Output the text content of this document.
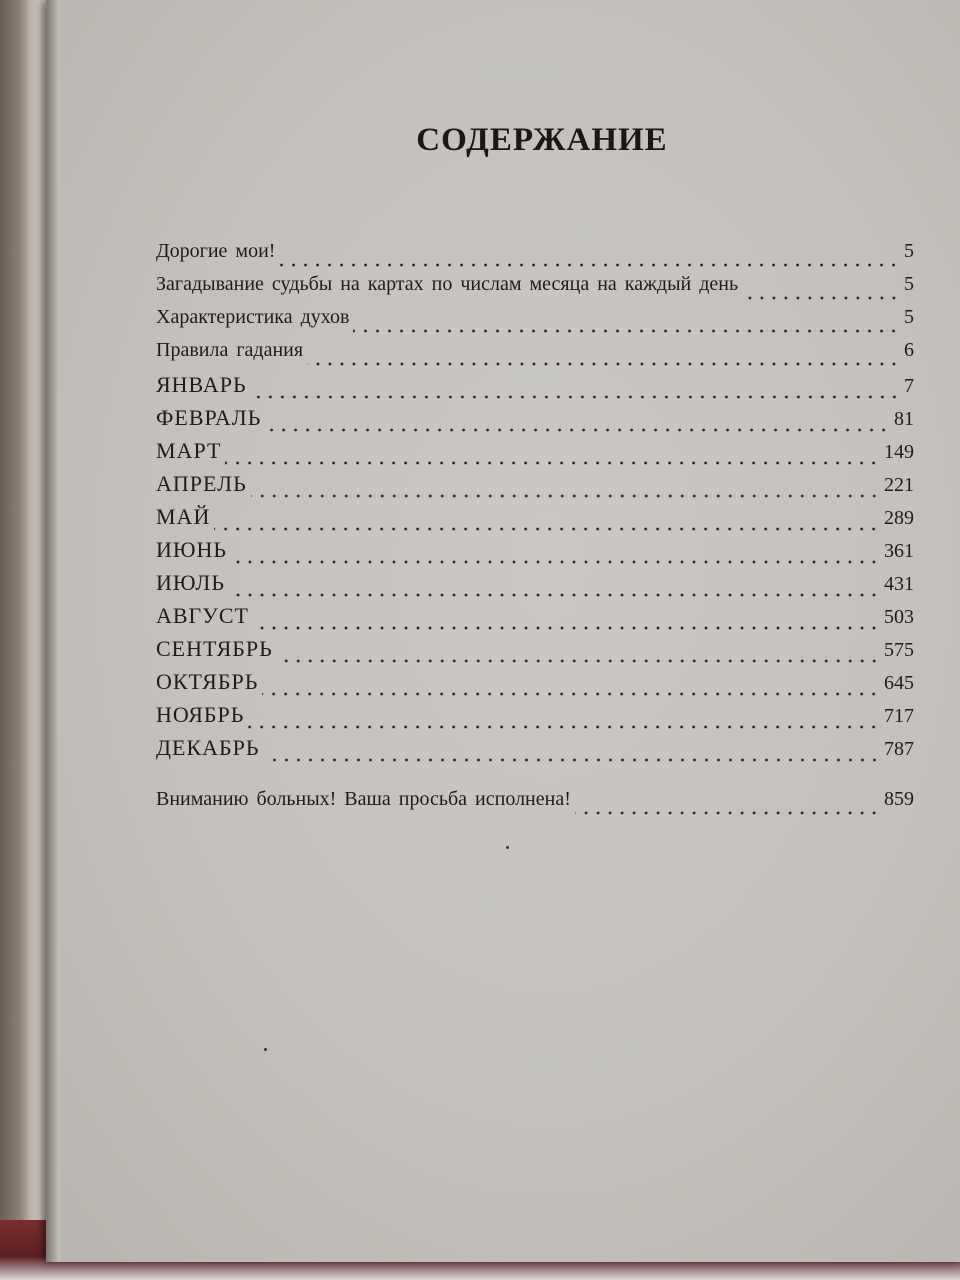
СОДЕРЖАНИЕ
Дорогие мои!	5
Загадывание судьбы на картах по числам месяца на каждый день	5
Характеристика духов	5
Правила гадания	6
ЯНВАРЬ	7
ФЕВРАЛЬ	81
МАРТ	149
АПРЕЛЬ	221
МАЙ	289
ИЮНЬ	361
ИЮЛЬ	431
АВГУСТ	503
СЕНТЯБРЬ	575
ОКТЯБРЬ	645
НОЯБРЬ	717
ДЕКАБРЬ	787
Вниманию больных! Ваша просьба исполнена!	859
